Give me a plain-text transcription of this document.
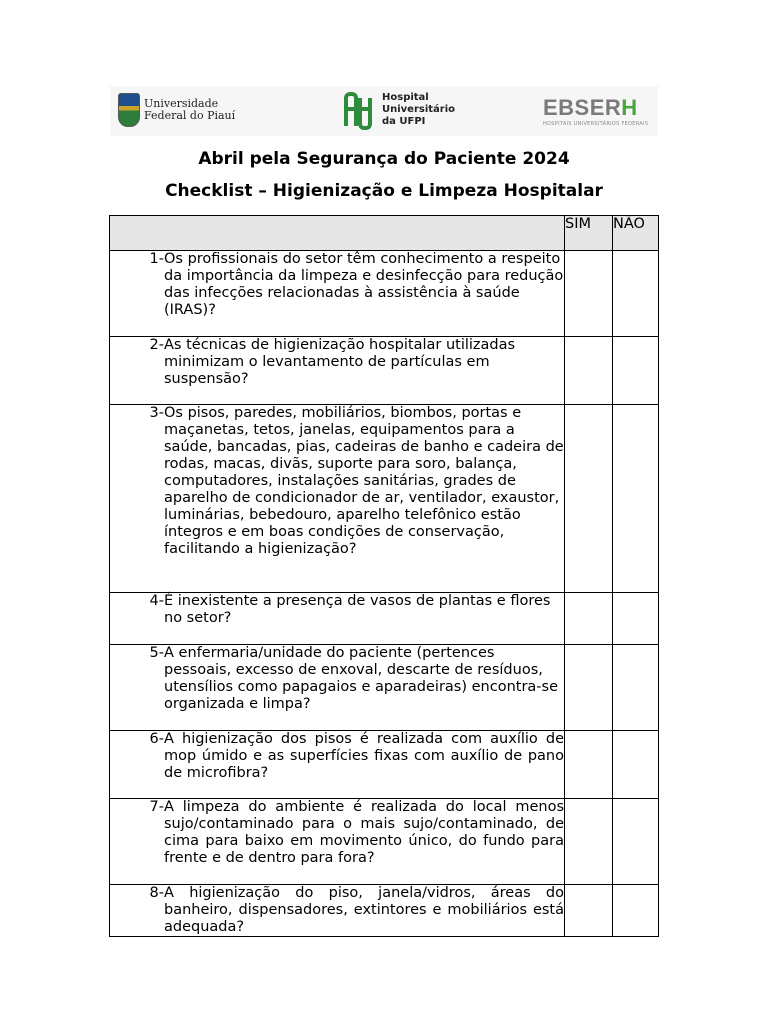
Universidade
Federal do Piauí
Hospital
Universitário
da UFPI
EBSERH
HOSPITAIS UNIVERSITÁRIOS FEDERAIS
Abril pela Segurança do Paciente 2024
Checklist – Higienização e Limpeza Hospitalar
	SIM	NÃO

1- Os profissionais do setor têm conhecimento a respeito da importância da limpeza e desinfecção para redução das infecções relacionadas à assistência à saúde (IRAS)?		

2- As técnicas de higienização hospitalar utilizadas minimizam o levantamento de partículas em suspensão?		

3- Os pisos, paredes, mobiliários, biombos, portas e maçanetas, tetos, janelas, equipamentos para a saúde, bancadas, pias, cadeiras de banho e cadeira de rodas, macas, divãs, suporte para soro, balança, computadores, instalações sanitárias, grades de aparelho de condicionador de ar, ventilador, exaustor, luminárias, bebedouro, aparelho telefônico estão íntegros e em boas condições de conservação, facilitando a higienização?		

4- É inexistente a presença de vasos de plantas e flores no setor?		

5- A enfermaria/unidade do paciente (pertences pessoais, excesso de enxoval, descarte de resíduos, utensílios como papagaios e aparadeiras) encontra-se organizada e limpa?		

6- A higienização dos pisos é realizada com auxílio de mop úmido e as superfícies fixas com auxílio de pano de microfibra?		

7- A limpeza do ambiente é realizada do local menos sujo/contaminado para o mais sujo/contaminado, de cima para baixo em movimento único, do fundo para frente e de dentro para fora?		

8- A higienização do piso, janela/vidros, áreas do banheiro, dispensadores, extintores e mobiliários está adequada?		
